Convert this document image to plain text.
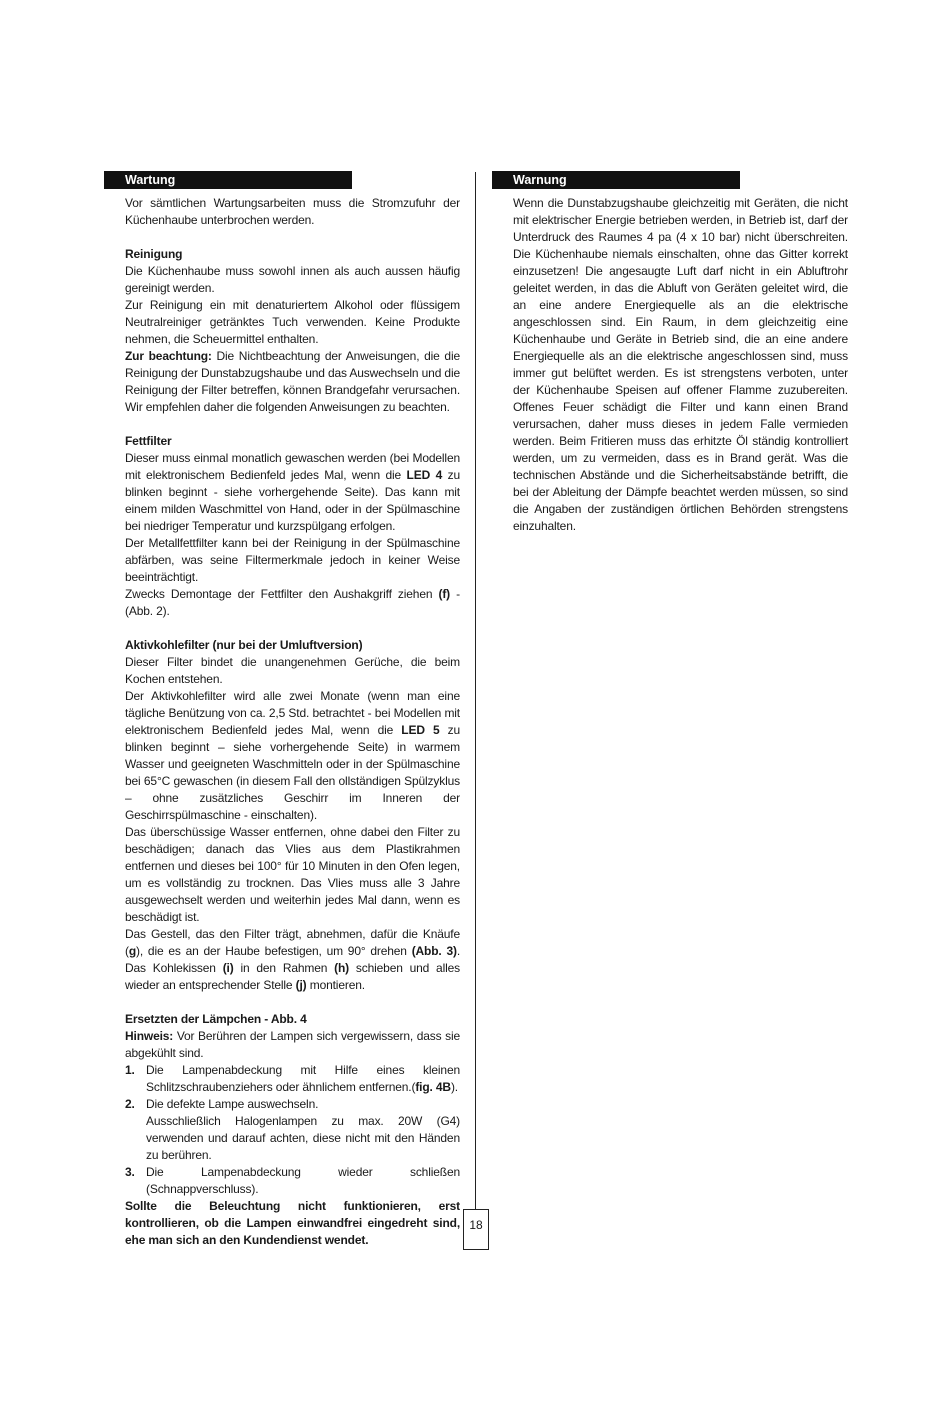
Wartung

Vor sämtlichen Wartungsarbeiten muss die Stromzufuhr der Küchenhaube unterbrochen werden.

Reinigung

Die Küchenhaube muss sowohl innen als auch aussen häufig gereinigt werden.

Zur Reinigung ein mit denaturiertem Alkohol oder flüssigem Neutralreiniger getränktes Tuch verwenden. Keine Produkte nehmen, die Scheuermittel enthalten.

Zur beachtung: Die Nichtbeachtung der Anweisungen, die die Reinigung der Dunstabzugshaube und das Auswechseln und die Reinigung der Filter betreffen, können Brandgefahr verursachen. Wir empfehlen daher die folgenden Anweisungen zu beachten.

Fettfilter

Dieser muss einmal monatlich gewaschen werden (bei Modellen mit elektronischem Bedienfeld jedes Mal, wenn die LED 4 zu blinken beginnt - siehe vorhergehende Seite). Das kann mit einem milden Waschmittel von Hand, oder in der Spülmaschine bei niedriger Temperatur und kurzspülgang erfolgen.

Der Metallfettfilter kann bei der Reinigung in der Spülmaschine abfärben, was seine Filtermerkmale jedoch in keiner Weise beeinträchtigt.

Zwecks Demontage der Fettfilter den Aushakgriff ziehen (f) - (Abb. 2).

Aktivkohlefilter (nur bei der Umluftversion)

Dieser Filter bindet die unangenehmen Gerüche, die beim Kochen entstehen.

Der Aktivkohlefilter wird alle zwei Monate (wenn man eine tägliche Benützung von ca. 2,5 Std. betrachtet - bei Modellen mit elektronischem Bedienfeld jedes Mal, wenn die LED 5 zu blinken beginnt – siehe vorhergehende Seite) in warmem Wasser und geeigneten Waschmitteln oder in der Spülmaschine bei 65°C gewaschen (in diesem Fall den ollständigen Spülzyklus – ohne zusätzliches Geschirr im Inneren der Geschirrspülmaschine - einschalten).

Das überschüssige Wasser entfernen, ohne dabei den Filter zu beschädigen; danach das Vlies aus dem Plastikrahmen entfernen und dieses bei 100° für 10 Minuten in den Ofen legen, um es vollständig zu trocknen. Das Vlies muss alle 3 Jahre ausgewechselt werden und weiterhin jedes Mal dann, wenn es beschädigt ist.

Das Gestell, das den Filter trägt, abnehmen, dafür die Knäufe (g), die es an der Haube befestigen, um 90° drehen (Abb. 3). Das Kohlekissen (i) in den Rahmen (h) schieben und alles wieder an entsprechender Stelle (j) montieren.

Ersetzten der Lämpchen - Abb. 4

Hinweis: Vor Berühren der Lampen sich vergewissern, dass sie abgekühlt sind.

1. Die Lampenabdeckung mit Hilfe eines kleinen Schlitzschraubenziehers oder ähnlichem entfernen.(fig. 4B).
2. Die defekte Lampe auswechseln.
Ausschließlich Halogenlampen zu max. 20W (G4) verwenden und darauf achten, diese nicht mit den Händen zu berühren.
3. Die Lampenabdeckung wieder schließen (Schnappverschluss).

Sollte die Beleuchtung nicht funktionieren, erst kontrollieren, ob die Lampen einwandfrei eingedreht sind, ehe man sich an den Kundendienst wendet.

Warnung

Wenn die Dunstabzugshaube gleichzeitig mit Geräten, die nicht mit elektrischer Energie betrieben werden, in Betrieb ist, darf der Unterdruck des Raumes 4 pa (4 x 10 bar) nicht überschreiten. Die Küchenhaube niemals einschalten, ohne das Gitter korrekt einzusetzen! Die angesaugte Luft darf nicht in ein Abluftrohr geleitet werden, in das die Abluft von Geräten geleitet wird, die an eine andere Energiequelle als an die elektrische angeschlossen sind. Ein Raum, in dem gleichzeitig eine Küchenhaube und Geräte in Betrieb sind, die an eine andere Energiequelle als an die elektrische angeschlossen sind, muss immer gut belüftet werden. Es ist strengstens verboten, unter der Küchenhaube Speisen auf offener Flamme zuzubereiten. Offenes Feuer schädigt die Filter und kann einen Brand verursachen, daher muss dieses in jedem Falle vermieden werden. Beim Fritieren muss das erhitzte Öl ständig kontrolliert werden, um zu vermeiden, dass es in Brand gerät. Was die technischen Abstände und die Sicherheitsabstände betrifft, die bei der Ableitung der Dämpfe beachtet werden müssen, so sind die Angaben der zuständigen örtlichen Behörden strengstens einzuhalten.

18
